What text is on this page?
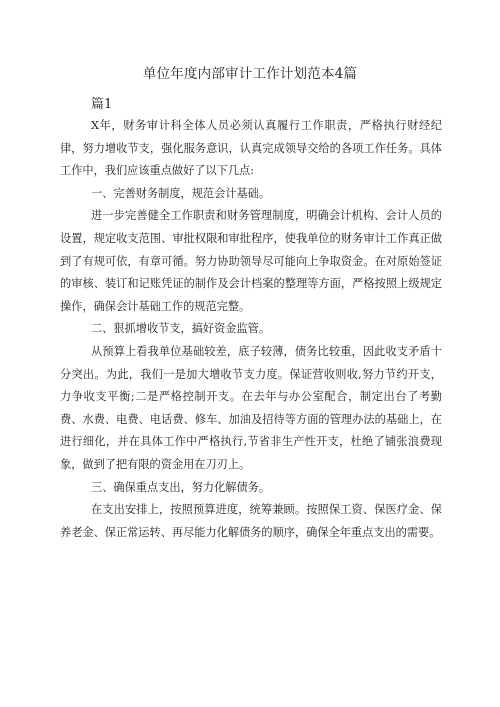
单位年度内部审计工作计划范本4篇
篇1

X年，财务审计科全体人员必须认真履行工作职责，严格执行财经纪律，努力增收节支，强化服务意识，认真完成领导交给的各项工作任务。具体工作中，我们应该重点做好了以下几点:

一、完善财务制度，规范会计基础。

进一步完善健全工作职责和财务管理制度，明确会计机构、会计人员的设置，规定收支范围、审批权限和审批程序，使我单位的财务审计工作真正做到了有规可依，有章可循。努力协助领导尽可能向上争取资金。在对原始签证的审核、装订和记账凭证的制作及会计档案的整理等方面，严格按照上级规定操作，确保会计基础工作的规范完整。

二、狠抓增收节支，搞好资金监管。

从预算上看我单位基础较差，底子较薄，债务比较重，因此收支矛盾十分突出。为此，我们一是加大增收节支力度。保证营收则收,努力节约开支，力争收支平衡;二是严格控制开支。在去年与办公室配合，制定出台了考勤费、水费、电费、电话费、修车、加油及招待等方面的管理办法的基础上，在进行细化，并在具体工作中严格执行,节省非生产性开支，杜绝了铺张浪费现象，做到了把有限的资金用在刀刃上。

三、确保重点支出，努力化解债务。

在支出安排上，按照预算进度，统筹兼顾。按照保工资、保医疗金、保养老金、保正常运转、再尽能力化解债务的顺序，确保全年重点支出的需要。
